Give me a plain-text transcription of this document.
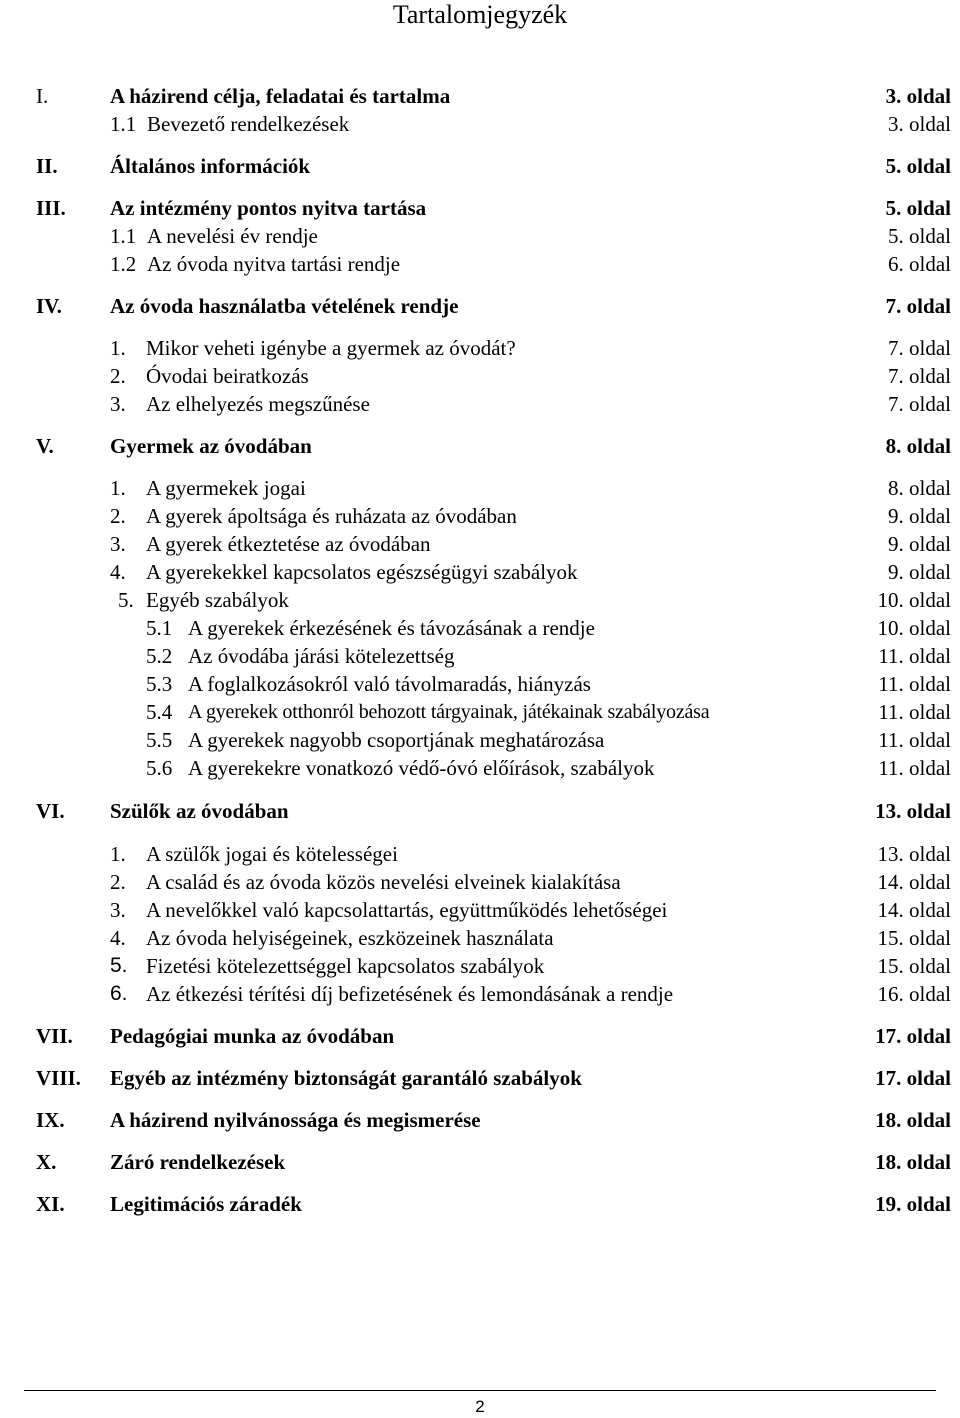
Tartalomjegyzék
I.	A házirend célja, feladatai és tartalma	3. oldal
1.1 Bevezető rendelkezések	3. oldal
II. Általános információk	5. oldal
III. Az intézmény pontos nyitva tartása	5. oldal
1.1 A nevelési év rendje	5. oldal
1.2 Az óvoda nyitva tartási rendje	6. oldal
IV. Az óvoda használatba vételének rendje	7. oldal
1. Mikor veheti igénybe a gyermek az óvodát?	7. oldal
2. Óvodai beiratkozás	7. oldal
3. Az elhelyezés megszűnése	7. oldal
V.	Gyermek az óvodában	8. oldal
1. A gyermekek jogai	8. oldal
2. A gyerek ápoltsága és ruházata az óvodában	9. oldal
3. A gyerek étkeztetése az óvodában	9. oldal
4. A gyerekekkel kapcsolatos egészségügyi szabályok	9. oldal
5. Egyéb szabályok	10. oldal
5.1 A gyerekek érkezésének és távozásának a rendje	10. oldal
5.2 Az óvodába járási kötelezettség	11. oldal
5.3 A foglalkozásokról való távolmaradás, hiányzás	11. oldal
5.4 A gyerekek otthonról behozott tárgyainak, játékainak szabályozása	11. oldal
5.5 A gyerekek nagyobb csoportjának meghatározása	11. oldal
5.6 A gyerekekre vonatkozó védő-óvó előírások, szabályok	11. oldal
VI. Szülők az óvodában	13. oldal
1. A szülők jogai és kötelességei	13. oldal
2. A család és az óvoda közös nevelési elveinek kialakítása	14. oldal
3. A nevelőkkel való kapcsolattartás, együttműködés lehetőségei	14. oldal
4. Az óvoda helyiségeinek, eszközeinek használata	15. oldal
5. Fizetési kötelezettséggel kapcsolatos szabályok	15. oldal
6. Az étkezési térítési díj befizetésének és lemondásának a rendje	16. oldal
VII. Pedagógiai munka az óvodában	17. oldal
VIII. Egyéb az intézmény biztonságát garantáló szabályok	17. oldal
IX. A házirend nyilvánossága és megismerése	18. oldal
X.	Záró rendelkezések	18. oldal
XI. Legitimációs záradék	19. oldal
2
